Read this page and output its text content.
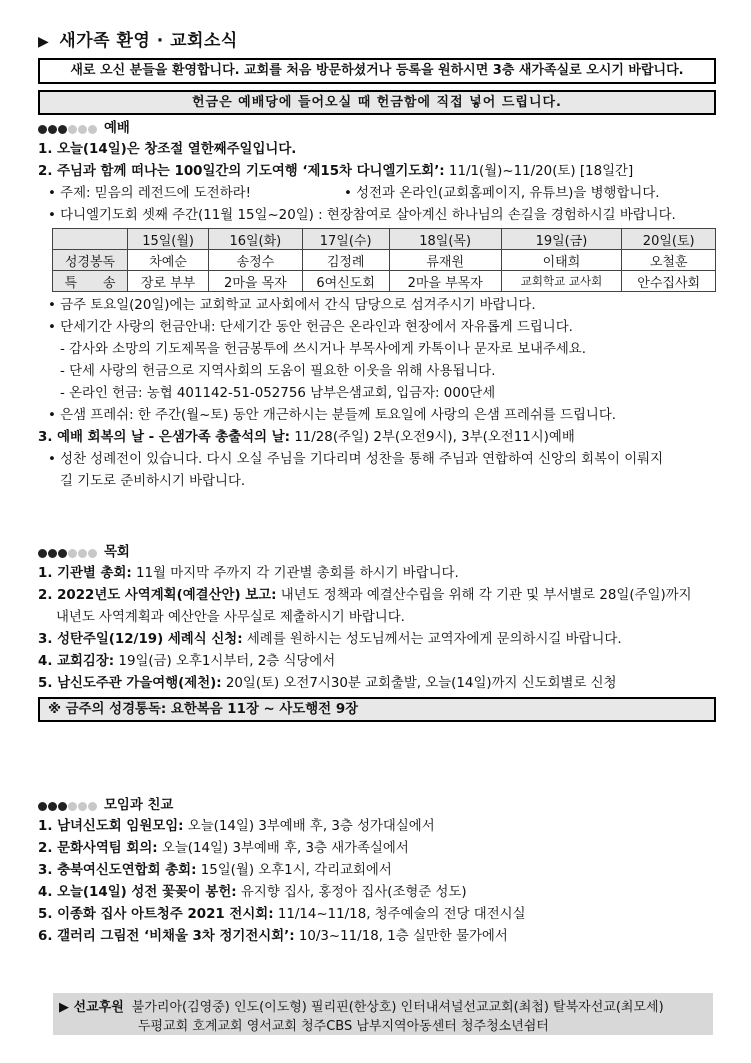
▶ 새가족 환영 · 교회소식
새로 오신 분들을 환영합니다. 교회를 처음 방문하셨거나 등록을 원하시면 3층 새가족실로 오시기 바랍니다.
헌금은 예배당에 들어오실 때 헌금함에 직접 넣어 드립니다.
예배
1. 오늘(14일)은 창조절 열한째주일입니다.
2. 주님과 함께 떠나는 100일간의 기도여행 ‘제15차 다니엘기도회’: 11/1(월)~11/20(토) [18일간]
• 주제: 믿음의 레전드에 도전하라!	• 성전과 온라인(교회홈페이지, 유튜브)을 병행합니다.
• 다니엘기도회 셋째 주간(11월 15일~20일) : 현장참여로 살아계신 하나님의 손길을 경험하시길 바랍니다.
	15일(월)	16일(화)	17일(수)	18일(목)	19일(금)	20일(토)
성경봉독	차예순	송정수	김정례	류재원	이태희	오철훈
특　　송	장로 부부	2마을 목자	6여신도회	2마을 부목자	교회학교 교사회	안수집사회
• 금주 토요일(20일)에는 교회학교 교사회에서 간식 담당으로 섬겨주시기 바랍니다.
• 단세기간 사랑의 헌금안내: 단세기간 동안 헌금은 온라인과 현장에서 자유롭게 드립니다.
- 감사와 소망의 기도제목을 헌금봉투에 쓰시거나 부목사에게 카톡이나 문자로 보내주세요.
- 단세 사랑의 헌금으로 지역사회의 도움이 필요한 이웃을 위해 사용됩니다.
- 온라인 헌금: 농협 401142-51-052756 남부은샘교회, 입금자: 000단세
• 은샘 프레쉬: 한 주간(월~토) 동안 개근하시는 분들께 토요일에 사랑의 은샘 프레쉬를 드립니다.
3. 예배 회복의 날 - 은샘가족 총출석의 날: 11/28(주일) 2부(오전9시), 3부(오전11시)예배
• 성찬 성례전이 있습니다. 다시 오실 주님을 기다리며 성찬을 통해 주님과 연합하여 신앙의 회복이 이뤄지
길 기도로 준비하시기 바랍니다.
목회
1. 기관별 총회: 11월 마지막 주까지 각 기관별 총회를 하시기 바랍니다.
2. 2022년도 사역계획(예결산안) 보고: 내년도 정책과 예결산수립을 위해 각 기관 및 부서별로 28일(주일)까지
내년도 사역계획과 예산안을 사무실로 제출하시기 바랍니다.
3. 성탄주일(12/19) 세례식 신청: 세례를 원하시는 성도님께서는 교역자에게 문의하시길 바랍니다.
4. 교회김장: 19일(금) 오후1시부터, 2층 식당에서
5. 남신도주관 가을여행(제천): 20일(토) 오전7시30분 교회출발, 오늘(14일)까지 신도회별로 신청
※ 금주의 성경통독: 요한복음 11장 ~ 사도행전 9장
모임과 친교
1. 남녀신도회 임원모임: 오늘(14일) 3부예배 후, 3층 성가대실에서
2. 문화사역팀 회의: 오늘(14일) 3부예배 후, 3층 새가족실에서
3. 충북여신도연합회 총회: 15일(월) 오후1시, 각리교회에서
4. 오늘(14일) 성전 꽃꽂이 봉헌: 유지향 집사, 홍정아 집사(조형준 성도)
5. 이종화 집사 아트청주 2021 전시회: 11/14~11/18, 청주예술의 전당 대전시실
6. 갤러리 그림전 ‘비채울 3차 정기전시회’: 10/3~11/18, 1층 실만한 물가에서
▶ 선교후원 불가리아(김영중) 인도(이도형) 필리핀(한상호) 인터내셔널선교교회(최첩) 탈북자선교(최모세)
두평교회 호계교회 영서교회 청주CBS 남부지역아동센터 청주청소년쉼터
